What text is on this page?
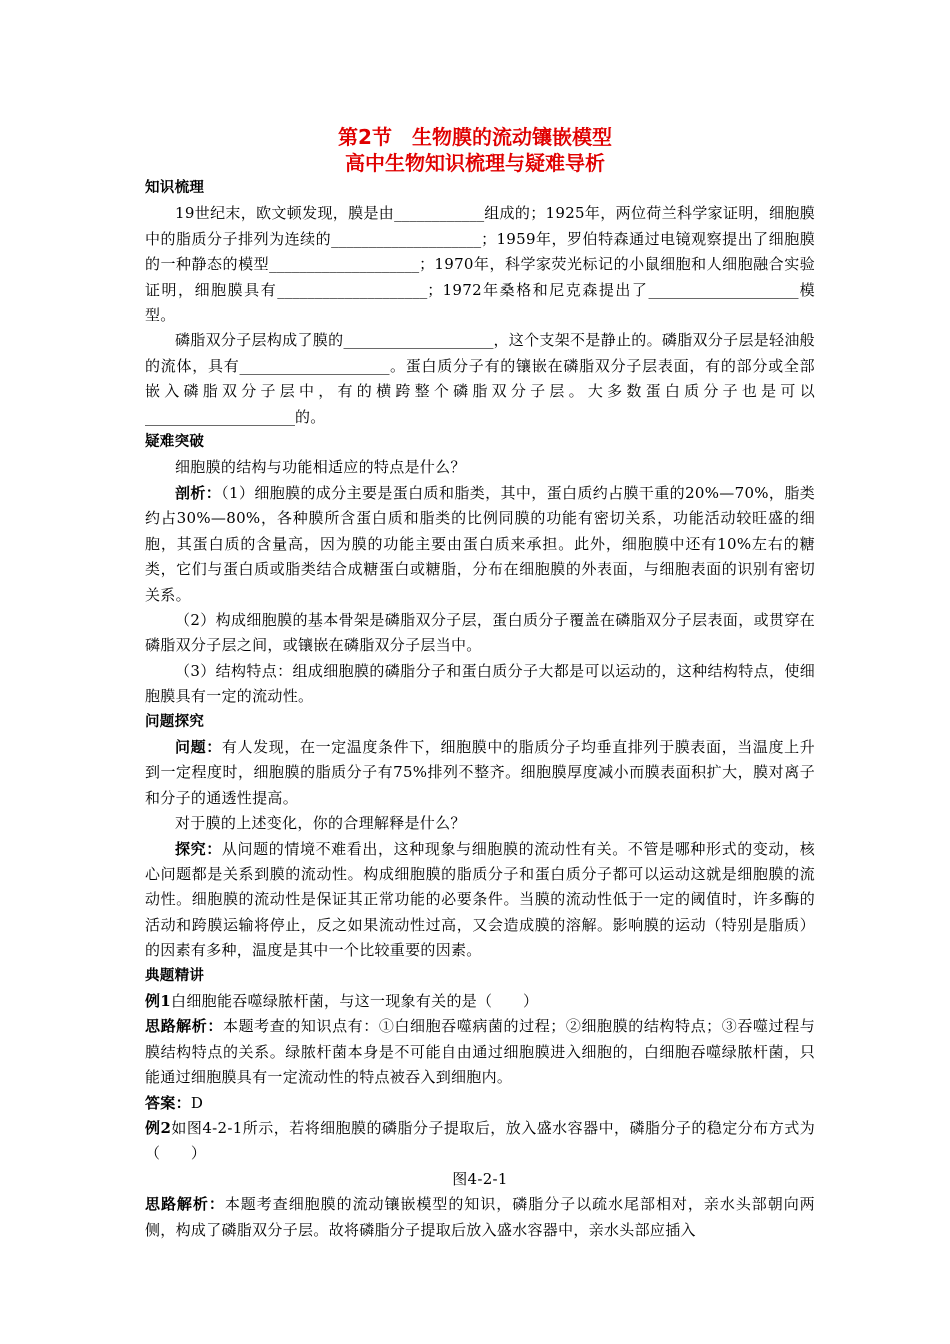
第2节　生物膜的流动镶嵌模型
高中生物知识梳理与疑难导析

知识梳理

19世纪末，欧文顿发现，膜是由____________组成的；1925年，两位荷兰科学家证明，细胞膜中的脂质分子排列为连续的____________________；1959年，罗伯特森通过电镜观察提出了细胞膜的一种静态的模型____________________；1970年，科学家荧光标记的小鼠细胞和人细胞融合实验证明，细胞膜具有____________________；1972年桑格和尼克森提出了____________________模型。

磷脂双分子层构成了膜的____________________，这个支架不是静止的。磷脂双分子层是轻油般的流体，具有____________________。蛋白质分子有的镶嵌在磷脂双分子层表面，有的部分或全部嵌入磷脂双分子层中，有的横跨整个磷脂双分子层。大多数蛋白质分子也是可以____________________的。

疑难突破

细胞膜的结构与功能相适应的特点是什么？

剖析：（1）细胞膜的成分主要是蛋白质和脂类，其中，蛋白质约占膜干重的20%—70%，脂类约占30%—80%，各种膜所含蛋白质和脂类的比例同膜的功能有密切关系，功能活动较旺盛的细胞，其蛋白质的含量高，因为膜的功能主要由蛋白质来承担。此外，细胞膜中还有10%左右的糖类，它们与蛋白质或脂类结合成糖蛋白或糖脂，分布在细胞膜的外表面，与细胞表面的识别有密切关系。

（2）构成细胞膜的基本骨架是磷脂双分子层，蛋白质分子覆盖在磷脂双分子层表面，或贯穿在磷脂双分子层之间，或镶嵌在磷脂双分子层当中。

（3）结构特点：组成细胞膜的磷脂分子和蛋白质分子大都是可以运动的，这种结构特点，使细胞膜具有一定的流动性。

问题探究

问题：有人发现，在一定温度条件下，细胞膜中的脂质分子均垂直排列于膜表面，当温度上升到一定程度时，细胞膜的脂质分子有75%排列不整齐。细胞膜厚度减小而膜表面积扩大，膜对离子和分子的通透性提高。

对于膜的上述变化，你的合理解释是什么？

探究：从问题的情境不难看出，这种现象与细胞膜的流动性有关。不管是哪种形式的变动，核心问题都是关系到膜的流动性。构成细胞膜的脂质分子和蛋白质分子都可以运动这就是细胞膜的流动性。细胞膜的流动性是保证其正常功能的必要条件。当膜的流动性低于一定的阈值时，许多酶的活动和跨膜运输将停止，反之如果流动性过高，又会造成膜的溶解。影响膜的运动（特别是脂质）的因素有多种，温度是其中一个比较重要的因素。

典题精讲

例1白细胞能吞噬绿脓杆菌，与这一现象有关的是（　　）

思路解析：本题考查的知识点有：①白细胞吞噬病菌的过程；②细胞膜的结构特点；③吞噬过程与膜结构特点的关系。绿脓杆菌本身是不可能自由通过细胞膜进入细胞的，白细胞吞噬绿脓杆菌，只能通过细胞膜具有一定流动性的特点被吞入到细胞内。

答案：D

例2如图4-2-1所示，若将细胞膜的磷脂分子提取后，放入盛水容器中，磷脂分子的稳定分布方式为（　　）

图4-2-1

思路解析：本题考查细胞膜的流动镶嵌模型的知识，磷脂分子以疏水尾部相对，亲水头部朝向两侧，构成了磷脂双分子层。故将磷脂分子提取后放入盛水容器中，亲水头部应插入
